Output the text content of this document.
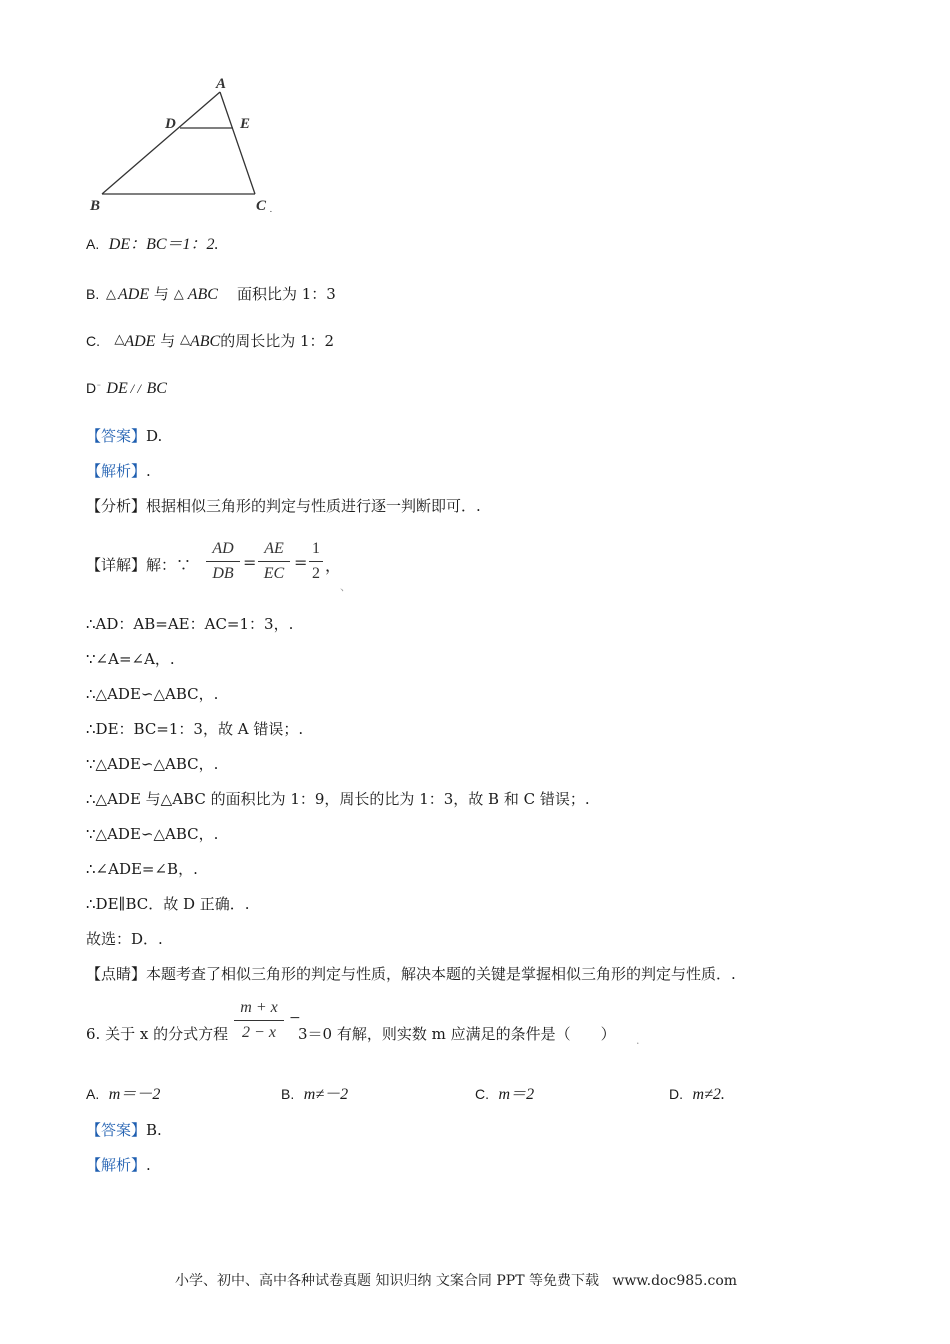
A
D	E
B	C .
A. DE：BC＝1：2.
B. △ ADE 与 △ ABC 面积比为 1：3
C. △ADE 与 △ABC的周长比为 1：2
Dˉ DE / / BC
【答案】D.
【解析】.
【分析】根据相似三角形的判定与性质进行逐一判断即可．.
【详解】解：∵
AD
DB
=
AE
EC
=
1
2 ，
、
∴AD：AB=AE：AC=1：3，.
∵∠A=∠A，.
∴△ADE∽△ABC，.
∴DE：BC=1：3，故 A 错误；.
∵△ADE∽△ABC，.
∴△ADE 与△ABC 的面积比为 1：9，周长的比为 1：3，故 B 和 C 错误；.
∵△ADE∽△ABC，.
∴∠ADE=∠B，.
∴DE∥BC．故 D 正确．.
故选：D．.
【点睛】本题考查了相似三角形的判定与性质，解决本题的关键是掌握相似三角形的判定与性质．.
6. 关于 x 的分式方程
m + x
2 − x
−
3＝0 有解，则实数 m 应满足的条件是（　　） .
A. m＝－2	B. m≠－2	C. m＝2	D. m≠2.
【答案】B.
【解析】.
小学、初中、高中各种试卷真题 知识归纳 文案合同 PPT 等免费下载 www.doc985.com
